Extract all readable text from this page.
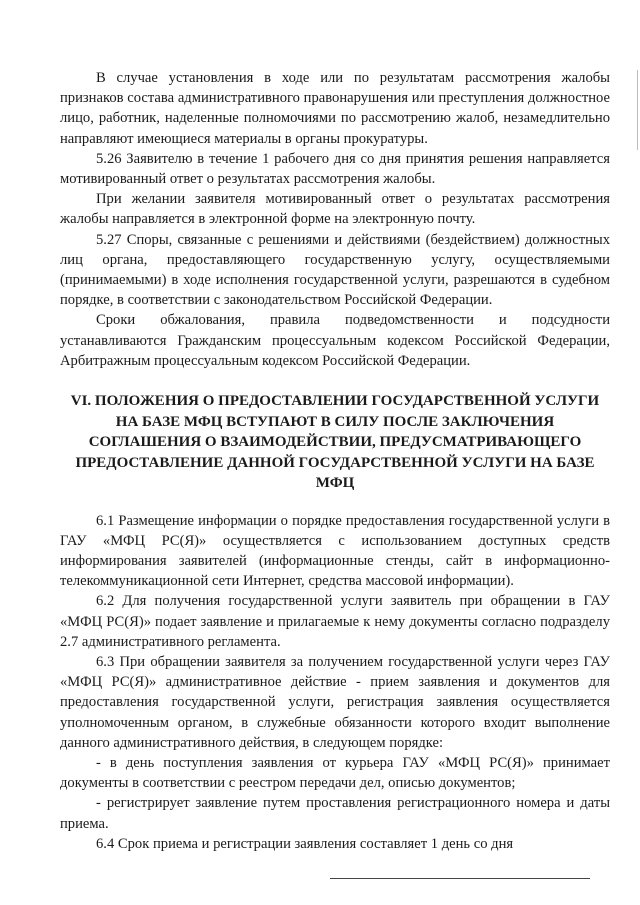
В случае установления в ходе или по результатам рассмотрения жалобы признаков состава административного правонарушения или преступления должностное лицо, работник, наделенные полномочиями по рассмотрению жалоб, незамедлительно направляют имеющиеся материалы в органы прокуратуры.

5.26 Заявителю в течение 1 рабочего дня со дня принятия решения направляется мотивированный ответ о результатах рассмотрения жалобы.

При желании заявителя мотивированный ответ о результатах рассмотрения жалобы направляется в электронной форме на электронную почту.

5.27 Споры, связанные с решениями и действиями (бездействием) должностных лиц органа, предоставляющего государственную услугу, осуществляемыми (принимаемыми) в ходе исполнения государственной услуги, разрешаются в судебном порядке, в соответствии с законодательством Российской Федерации.

Сроки обжалования, правила подведомственности и подсудности устанавливаются Гражданским процессуальным кодексом Российской Федерации, Арбитражным процессуальным кодексом Российской Федерации.

VI. ПОЛОЖЕНИЯ О ПРЕДОСТАВЛЕНИИ ГОСУДАРСТВЕННОЙ УСЛУГИ НА БАЗЕ МФЦ ВСТУПАЮТ В СИЛУ ПОСЛЕ ЗАКЛЮЧЕНИЯ СОГЛАШЕНИЯ О ВЗАИМОДЕЙСТВИИ, ПРЕДУСМАТРИВАЮЩЕГО ПРЕДОСТАВЛЕНИЕ ДАННОЙ ГОСУДАРСТВЕННОЙ УСЛУГИ НА БАЗЕ МФЦ

6.1 Размещение информации о порядке предоставления государственной услуги в ГАУ «МФЦ РС(Я)» осуществляется с использованием доступных средств информирования заявителей (информационные стенды, сайт в информационно-телекоммуникационной сети Интернет, средства массовой информации).

6.2 Для получения государственной услуги заявитель при обращении в ГАУ «МФЦ РС(Я)» подает заявление и прилагаемые к нему документы согласно подразделу 2.7 административного регламента.

6.3 При обращении заявителя за получением государственной услуги через ГАУ «МФЦ РС(Я)» административное действие - прием заявления и документов для предоставления государственной услуги, регистрация заявления осуществляется уполномоченным органом, в служебные обязанности которого входит выполнение данного административного действия, в следующем порядке:

- в день поступления заявления от курьера ГАУ «МФЦ РС(Я)» принимает документы в соответствии с реестром передачи дел, описью документов;

- регистрирует заявление путем проставления регистрационного номера и даты приема.

6.4 Срок приема и регистрации заявления составляет 1 день со дня
